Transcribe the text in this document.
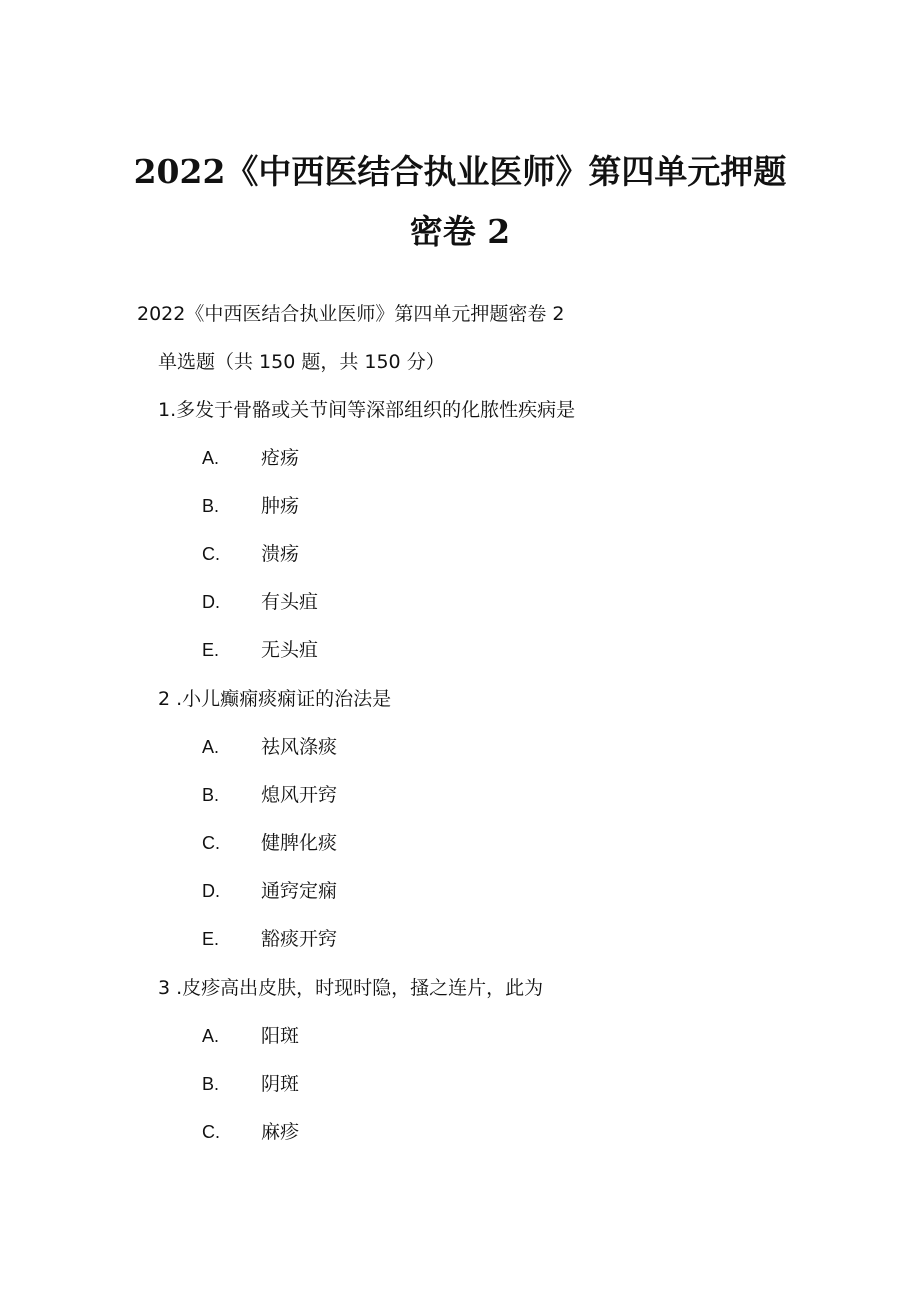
2022《中西医结合执业医师》第四单元押题
密卷 2
2022《中西医结合执业医师》第四单元押题密卷 2
单选题（共 150 题，共 150 分）
1.多发于骨骼或关节间等深部组织的化脓性疾病是
A. 疮疡
B. 肿疡
C. 溃疡
D. 有头疽
E. 无头疽
2 .小儿癫痫痰痫证的治法是
A. 祛风涤痰
B. 熄风开窍
C. 健脾化痰
D. 通窍定痫
E. 豁痰开窍
3 .皮疹高出皮肤，时现时隐，搔之连片，此为
A. 阳斑
B. 阴斑
C. 麻疹
